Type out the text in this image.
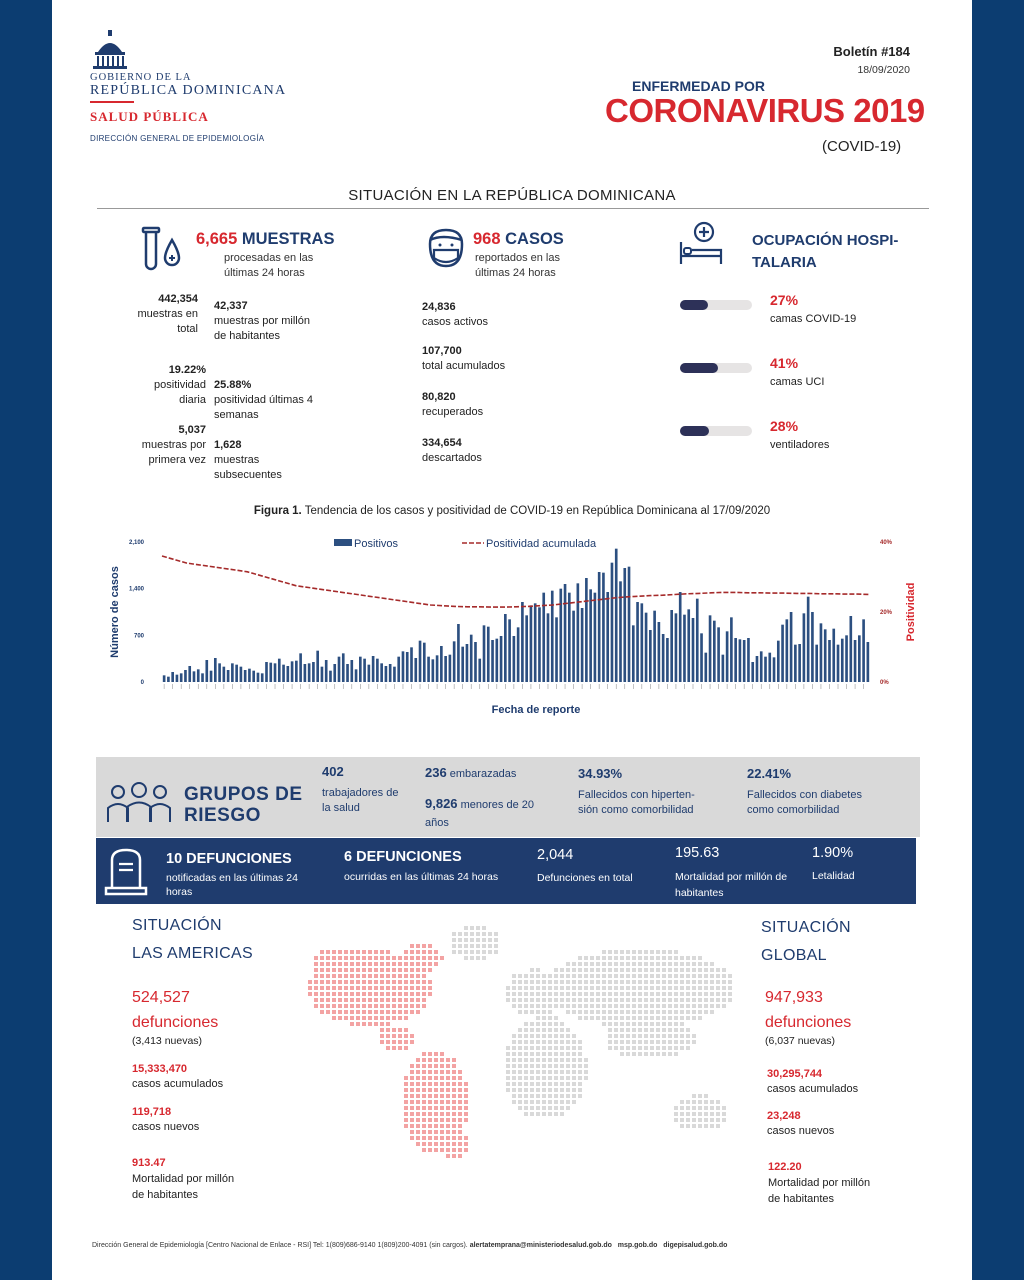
GOBIERNO DE LA
REPÚBLICA DOMINICANA
SALUD PÚBLICA
DIRECCIÓN GENERAL DE EPIDEMIOLOGÍA
Boletín #184
18/09/2020
ENFERMEDAD POR
CORONAVIRUS 2019
(COVID-19)
SITUACIÓN EN LA REPÚBLICA DOMINICANA
6,665 MUESTRAS
procesadas en las últimas 24 horas
442,354
muestras en total
42,337
muestras por millón de habitantes
19.22%
positividad diaria
25.88%
positividad últimas 4 semanas
5,037
muestras por primera vez
1,628
muestras subsecuentes
968 CASOS
reportados en las últimas 24 horas
24,836
casos activos
107,700
total acumulados
80,820
recuperados
334,654
descartados
OCUPACIÓN HOSPI-TALARIA
27%
camas COVID-19
41%
camas UCI
28%
ventiladores
Figura 1. Tendencia de los casos y positividad de COVID-19 en República Dominicana al 17/09/2020
0
700
1,400
2,100
0%
20%
40%
Positivos	Positividad acumulada
Número de casos	Positividad
Fecha de reporte
GRUPOS DE RIESGO
402
trabajadores de la salud
236 embarazadas
9,826 menores de 20 años
34.93%
Fallecidos con hiperten-sión como comorbilidad
22.41%
Fallecidos con diabetes como comorbilidad
10 DEFUNCIONES
notificadas en las últimas 24 horas
6 DEFUNCIONES
ocurridas en las últimas 24 horas
2,044
Defunciones en total
195.63
Mortalidad por millón de habitantes
1.90%
Letalidad
SITUACIÓN
LAS AMERICAS
524,527
defunciones
(3,413 nuevas)
15,333,470
casos acumulados
119,718
casos nuevos
913.47
Mortalidad por millón de habitantes
SITUACIÓN
GLOBAL
947,933
defunciones
(6,037 nuevas)
30,295,744
casos acumulados
23,248
casos nuevos
122.20
Mortalidad por millón de habitantes
Dirección General de Epidemiología [Centro Nacional de Enlace - RSI] Tel: 1(809)686-9140 1(809)200-4091 (sin cargos). alertatemprana@ministeriodesalud.gob.do msp.gob.do digepisalud.gob.do
